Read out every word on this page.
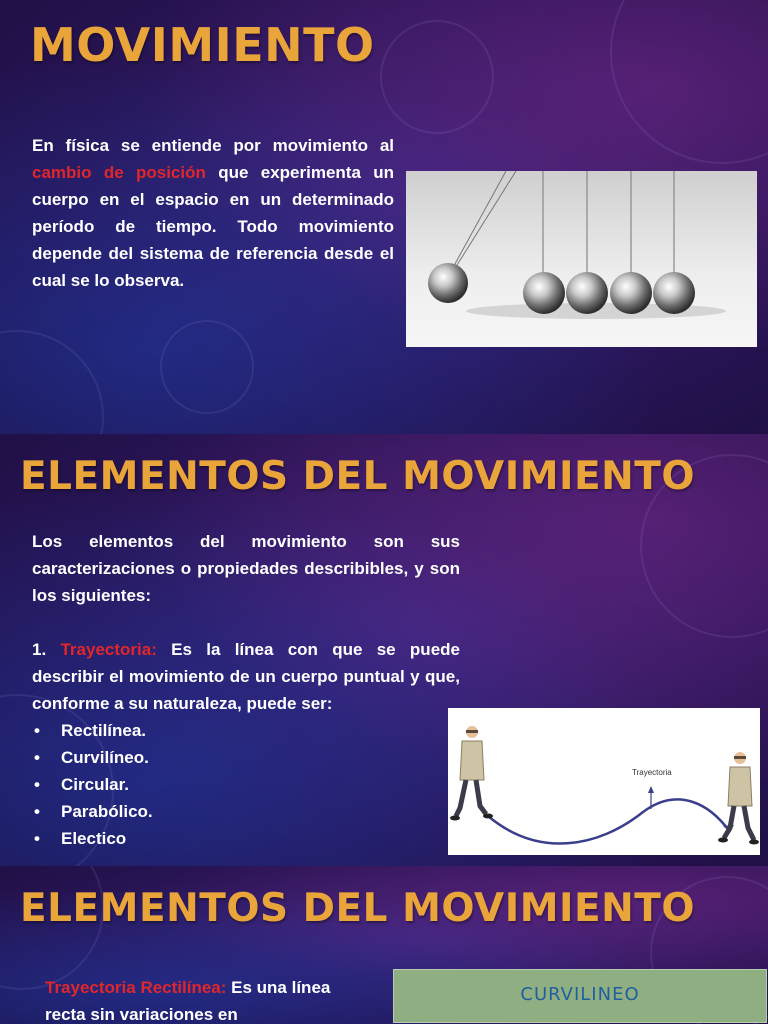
MOVIMIENTO
En física se entiende por movimiento al cambio de posición que experimenta un cuerpo en el espacio en un determinado período de tiempo. Todo movimiento depende del sistema de referencia desde el cual se lo observa.
ELEMENTOS DEL MOVIMIENTO
Los elementos del movimiento son sus caracterizaciones o propiedades describibles, y son los siguientes:
1. Trayectoria: Es la línea con que se puede describir el movimiento de un cuerpo puntual y que, conforme a su naturaleza, puede ser:
• Rectilínea.
• Curvilíneo.
• Circular.
• Parabólico.
• Electico
Trayectoria
ELEMENTOS DEL MOVIMIENTO
Trayectoria Rectilínea: Es una línea recta sin variaciones en
CURVILINEO
